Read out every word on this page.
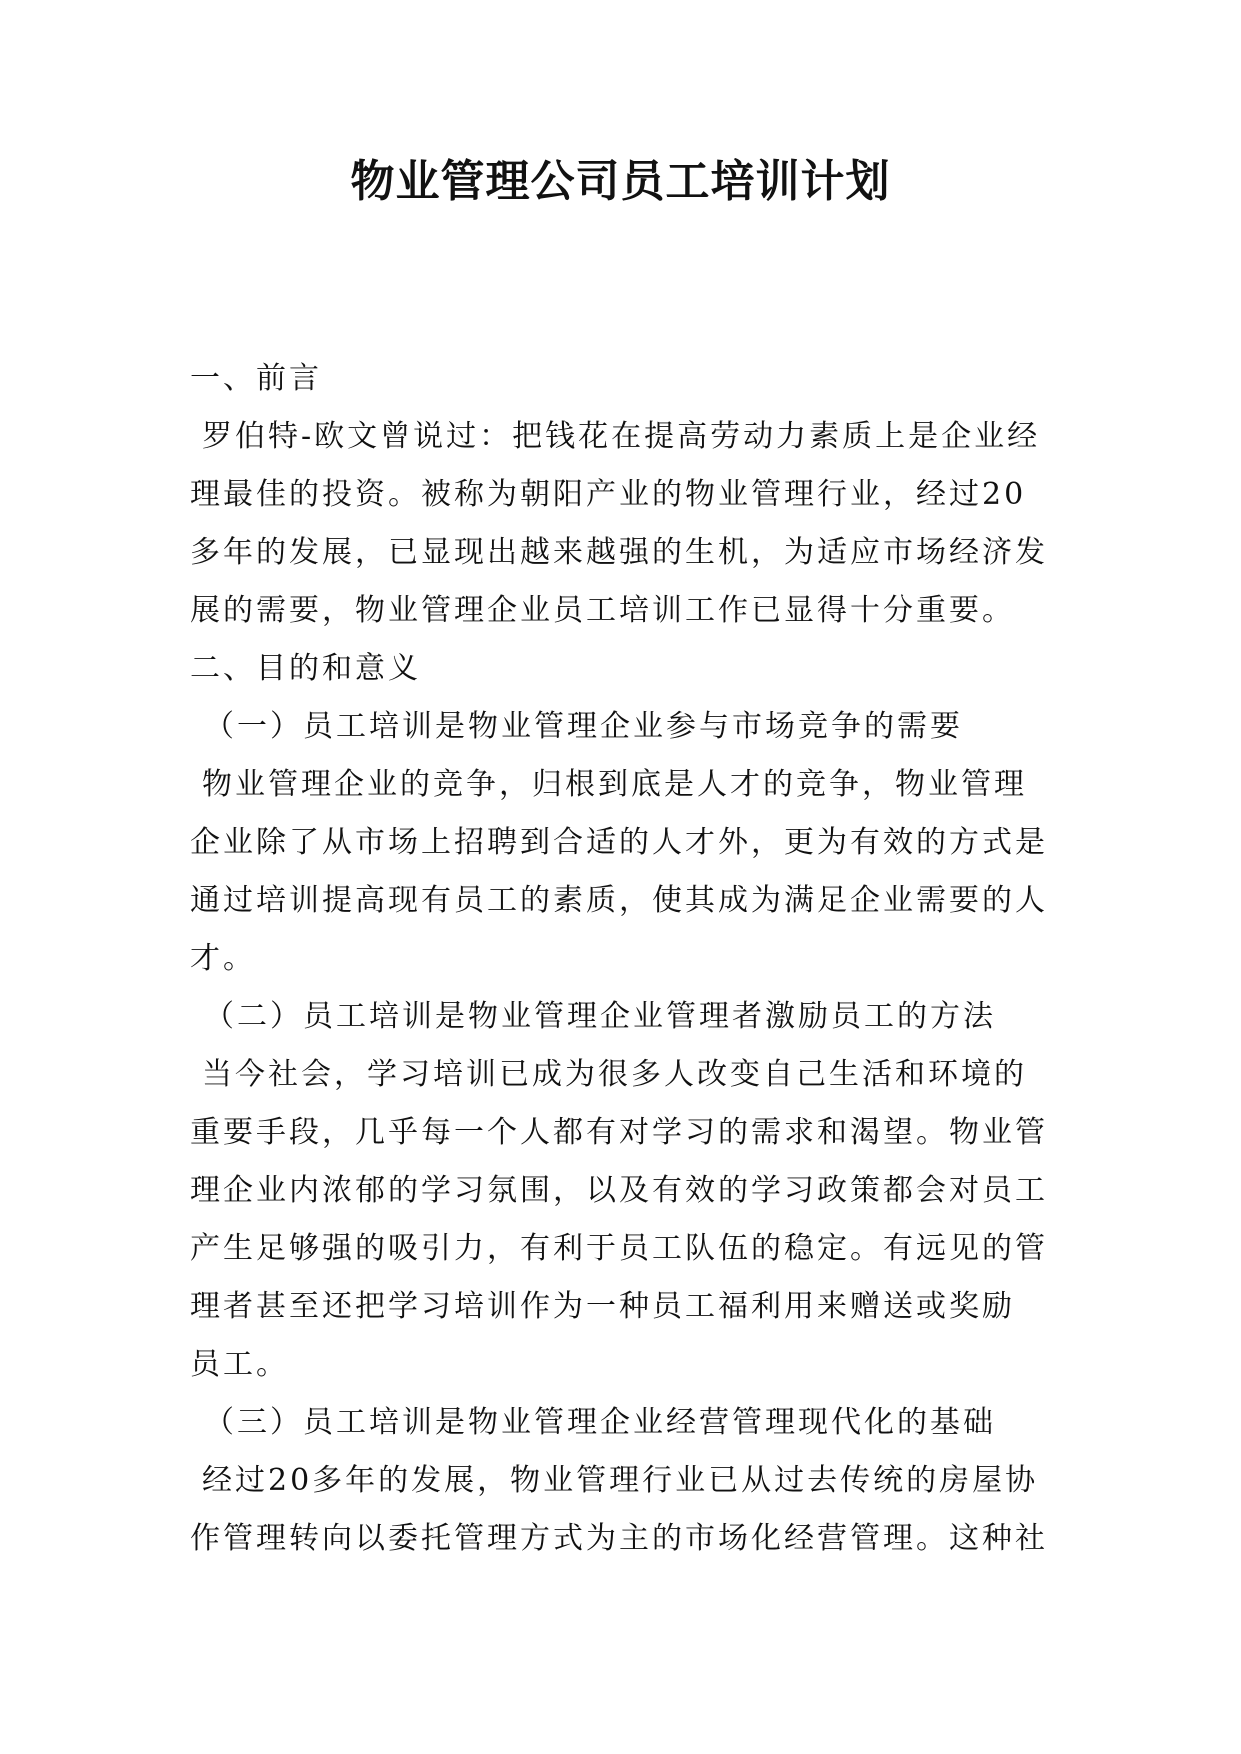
物业管理公司员工培训计划
一、前言
罗伯特-欧文曾说过：把钱花在提高劳动力素质上是企业经
理最佳的投资。被称为朝阳产业的物业管理行业，经过20
多年的发展，已显现出越来越强的生机，为适应市场经济发
展的需要，物业管理企业员工培训工作已显得十分重要。
二、目的和意义
（一）员工培训是物业管理企业参与市场竞争的需要
物业管理企业的竞争，归根到底是人才的竞争，物业管理
企业除了从市场上招聘到合适的人才外，更为有效的方式是
通过培训提高现有员工的素质，使其成为满足企业需要的人
才。
（二）员工培训是物业管理企业管理者激励员工的方法
当今社会，学习培训已成为很多人改变自己生活和环境的
重要手段，几乎每一个人都有对学习的需求和渴望。物业管
理企业内浓郁的学习氛围，以及有效的学习政策都会对员工
产生足够强的吸引力，有利于员工队伍的稳定。有远见的管
理者甚至还把学习培训作为一种员工福利用来赠送或奖励
员工。
（三）员工培训是物业管理企业经营管理现代化的基础
经过20多年的发展，物业管理行业已从过去传统的房屋协
作管理转向以委托管理方式为主的市场化经营管理。这种社
